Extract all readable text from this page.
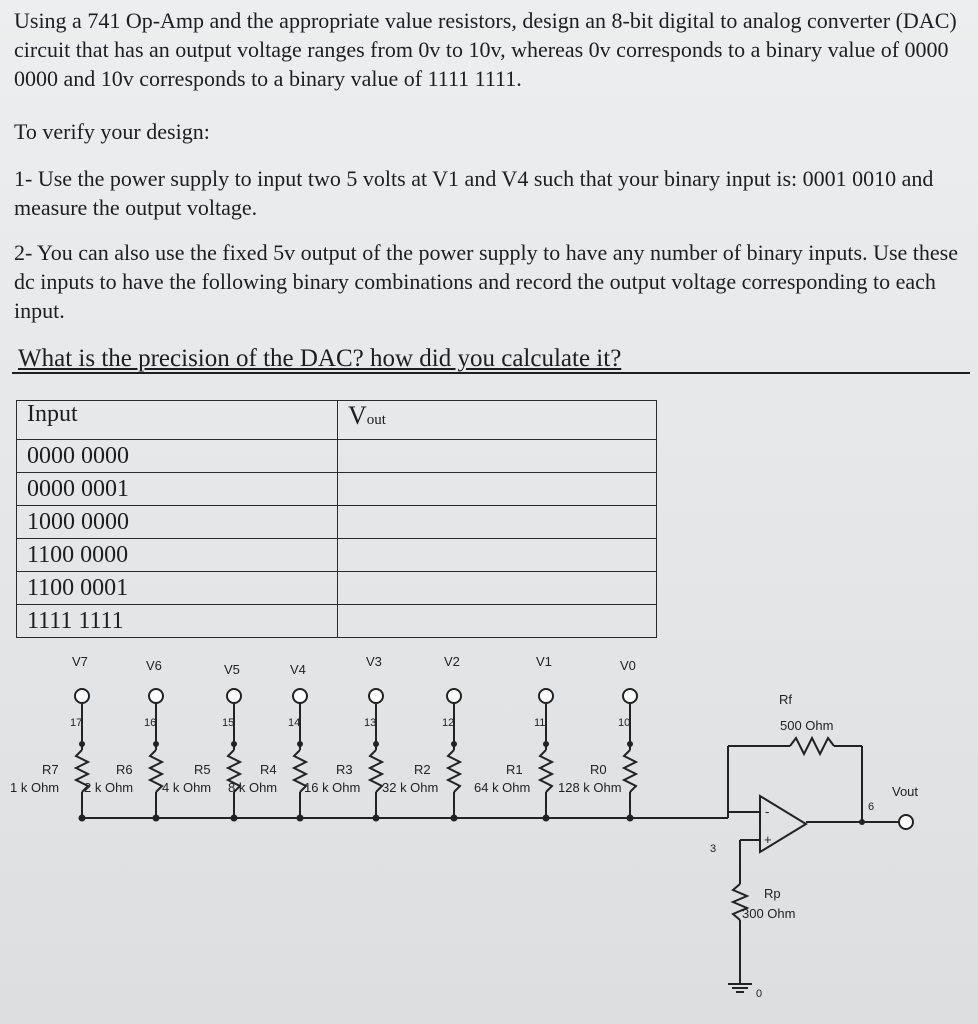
Using a 741 Op-Amp and the appropriate value resistors, design an 8-bit digital to analog converter (DAC) circuit that has an output voltage ranges from 0v to 10v, whereas 0v corresponds to a binary value of 0000 0000 and 10v corresponds to a binary value of 1111 1111.

To verify your design:

1- Use the power supply to input two 5 volts at V1 and V4 such that your binary input is: 0001 0010 and measure the output voltage.

2- You can also use the fixed 5v output of the power supply to have any number of binary inputs. Use these dc inputs to have the following binary combinations and record the output voltage corresponding to each input.

What is the precision of the DAC? how did you calculate it?
Input	Vout
0000 0000	
0000 0001	
1000 0000	
1100 0000	
1100 0001	
1111 1111	
V7
17
R7
1 k Ohm
V6
16
R6
2 k Ohm
V5
15
R5
4 k Ohm
V4
14
R4
8 k Ohm
V3
13
R3
16 k Ohm
V2
12
R2
32 k Ohm
V1
11
R1
64 k Ohm
V0
10
R0
128 k Ohm
Rf
500 Ohm
Rp
300 Ohm
Vout
3
6
0
-
+
